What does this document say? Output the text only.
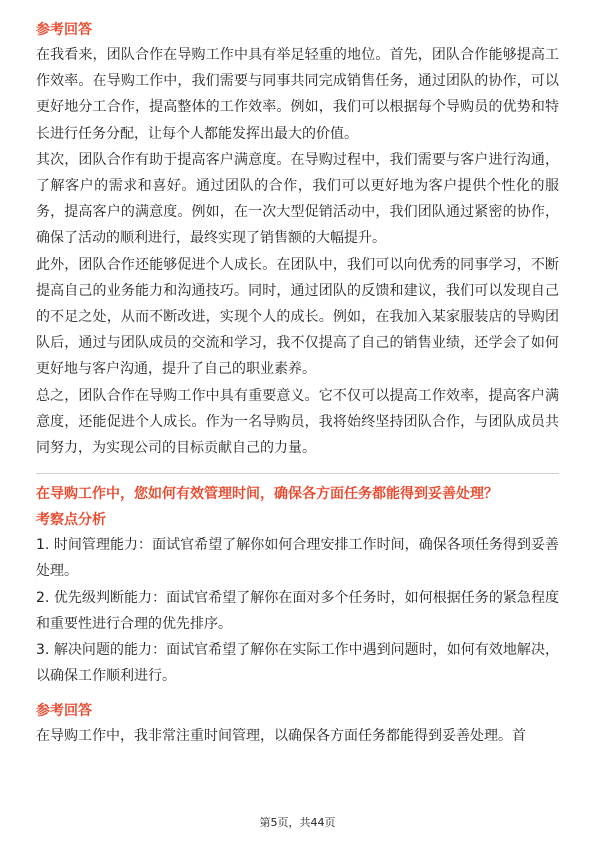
参考回答

在我看来，团队合作在导购工作中具有举足轻重的地位。首先，团队合作能够提高工作效率。在导购工作中，我们需要与同事共同完成销售任务，通过团队的协作，可以更好地分工合作，提高整体的工作效率。例如，我们可以根据每个导购员的优势和特长进行任务分配，让每个人都能发挥出最大的价值。

其次，团队合作有助于提高客户满意度。在导购过程中，我们需要与客户进行沟通，了解客户的需求和喜好。通过团队的合作，我们可以更好地为客户提供个性化的服务，提高客户的满意度。例如，在一次大型促销活动中，我们团队通过紧密的协作，确保了活动的顺利进行，最终实现了销售额的大幅提升。

此外，团队合作还能够促进个人成长。在团队中，我们可以向优秀的同事学习，不断提高自己的业务能力和沟通技巧。同时，通过团队的反馈和建议，我们可以发现自己的不足之处，从而不断改进，实现个人的成长。例如，在我加入某家服装店的导购团队后，通过与团队成员的交流和学习，我不仅提高了自己的销售业绩，还学会了如何更好地与客户沟通，提升了自己的职业素养。

总之，团队合作在导购工作中具有重要意义。它不仅可以提高工作效率，提高客户满意度，还能促进个人成长。作为一名导购员，我将始终坚持团队合作，与团队成员共同努力，为实现公司的目标贡献自己的力量。

在导购工作中，您如何有效管理时间，确保各方面任务都能得到妥善处理？

考察点分析

1. 时间管理能力：面试官希望了解你如何合理安排工作时间，确保各项任务得到妥善处理。

2. 优先级判断能力：面试官希望了解你在面对多个任务时，如何根据任务的紧急程度和重要性进行合理的优先排序。

3. 解决问题的能力：面试官希望了解你在实际工作中遇到问题时，如何有效地解决，以确保工作顺利进行。

参考回答

在导购工作中，我非常注重时间管理，以确保各方面任务都能得到妥善处理。首

第5页，共44页
